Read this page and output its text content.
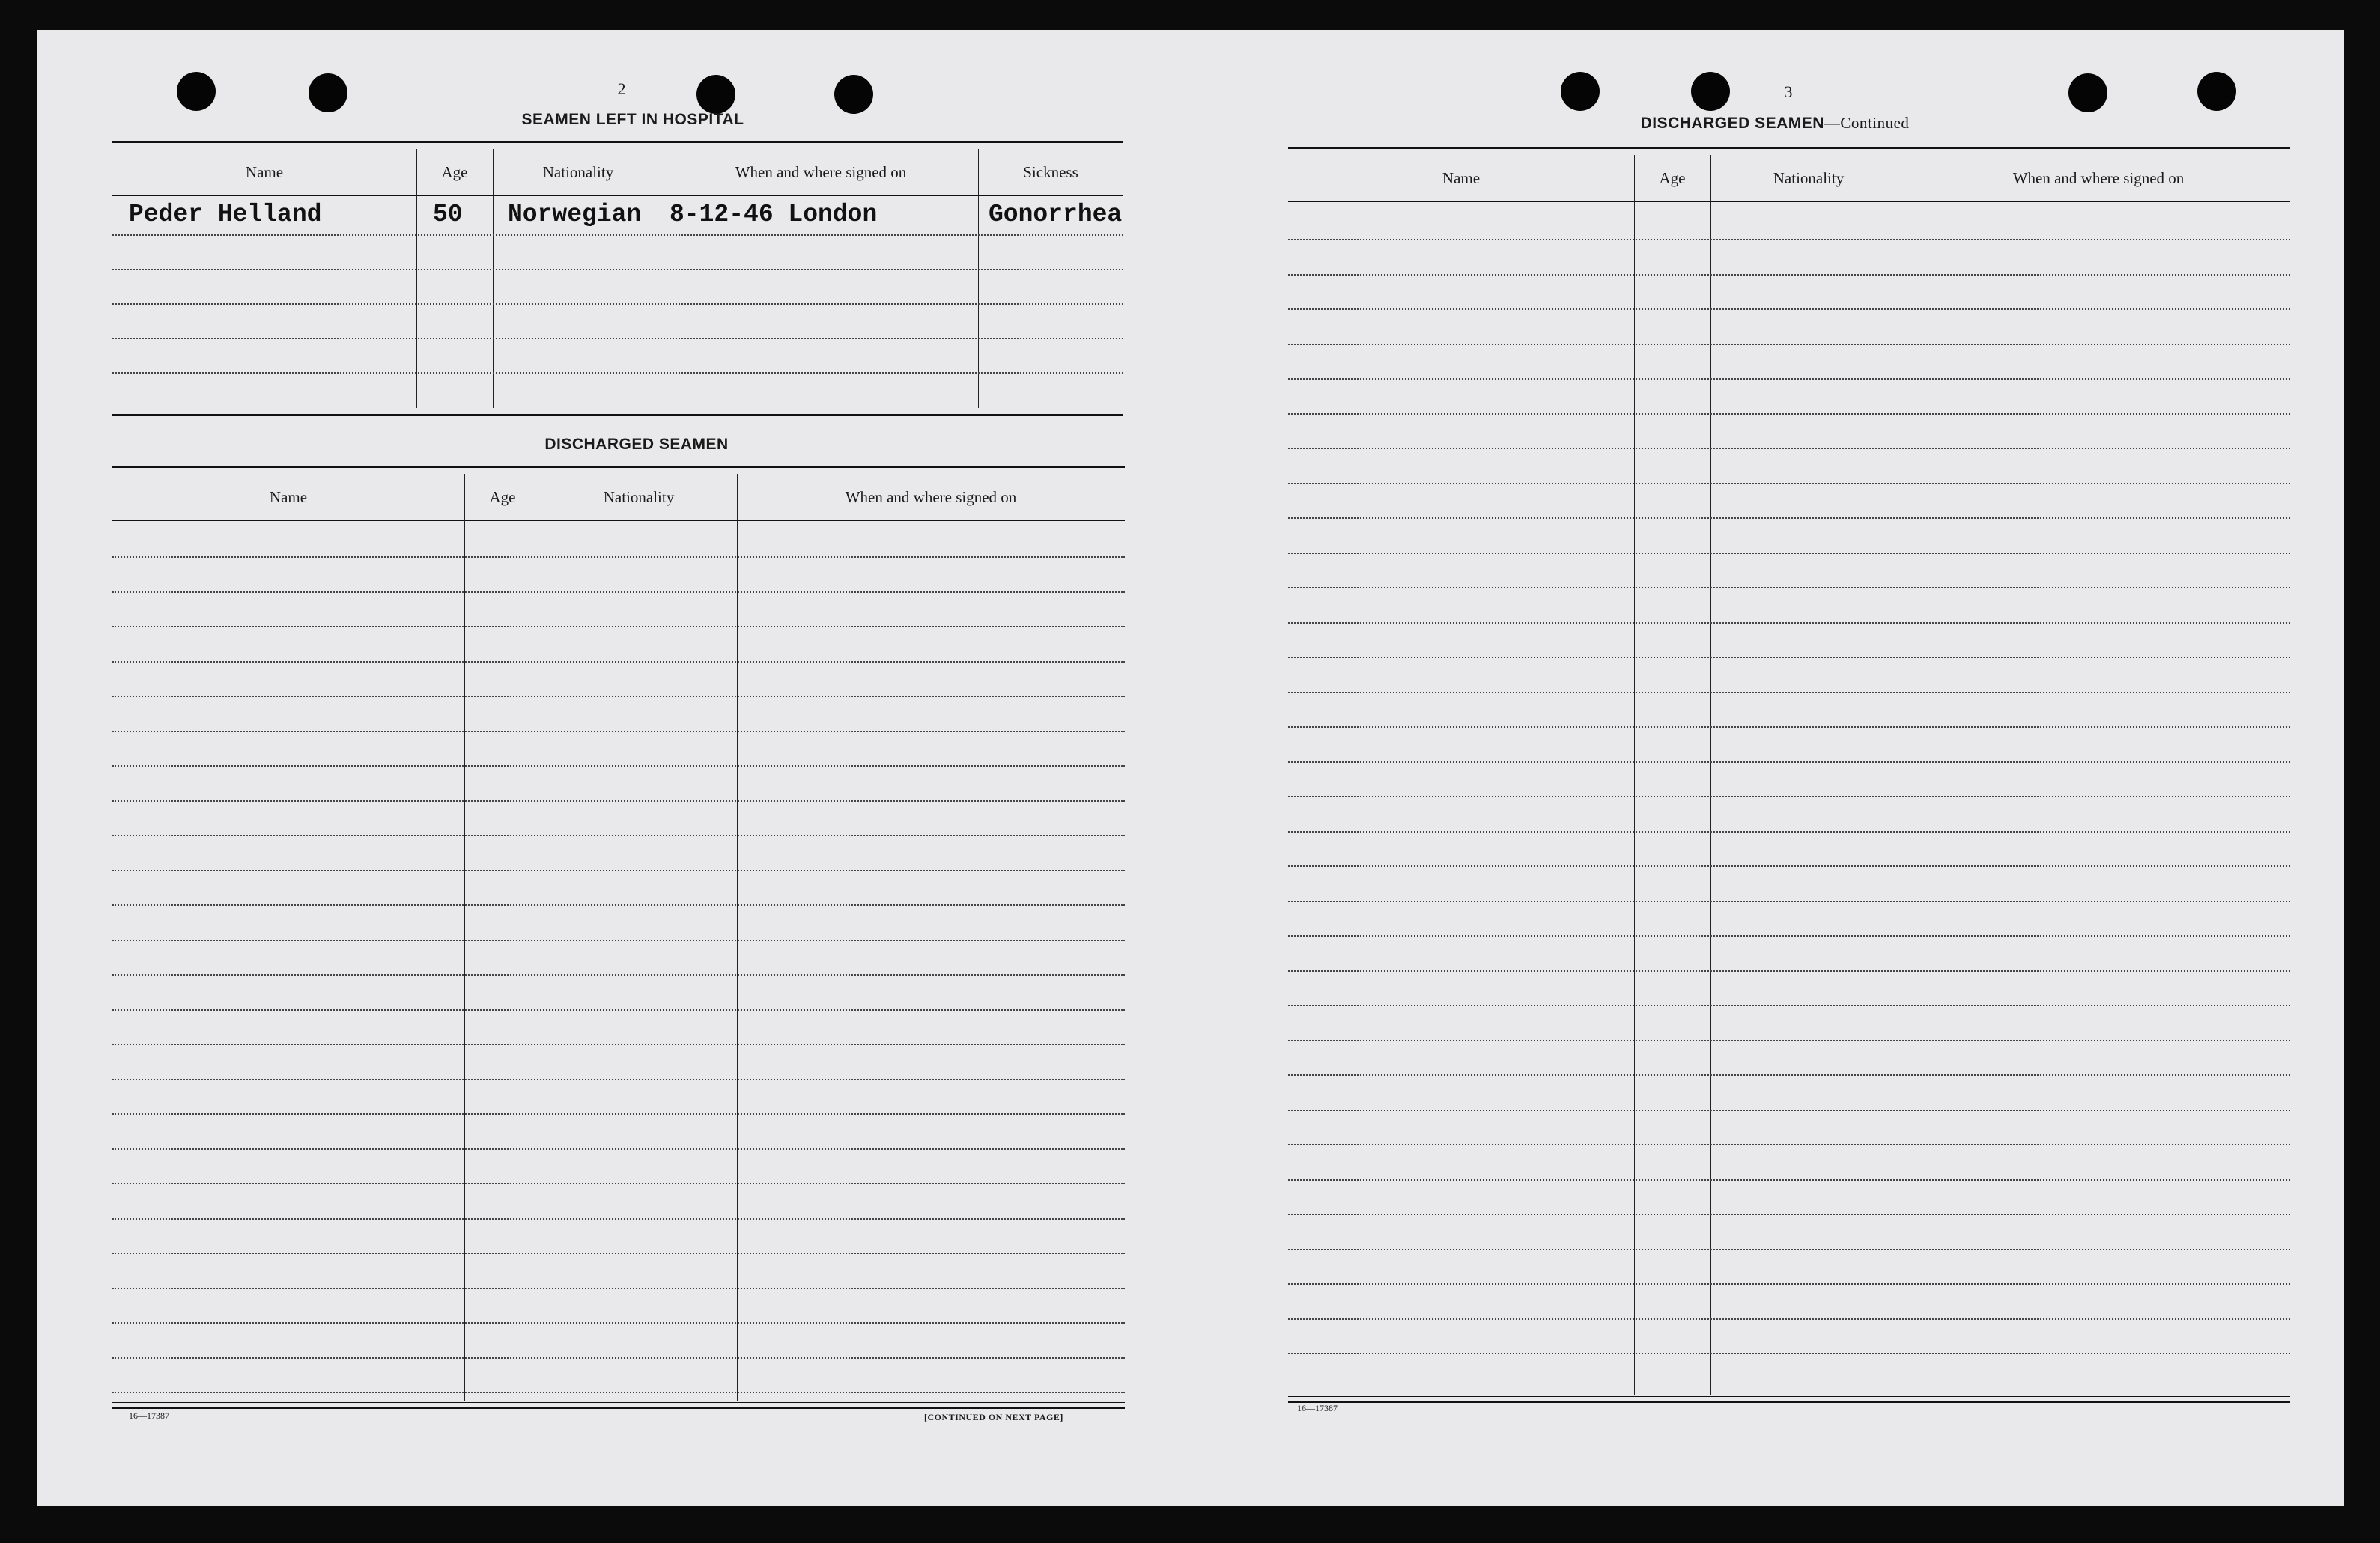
2
SEAMEN LEFT IN HOSPITAL
Name	Age	Nationality	When and where signed on	Sickness
Peder Helland	50	Norwegian	8-12-46 London	Gonorrhea
DISCHARGED SEAMEN
Name	Age	Nationality	When and where signed on
16—17387	[CONTINUED ON NEXT PAGE]
3
DISCHARGED SEAMEN—Continued
Name	Age	Nationality	When and where signed on
16—17387
